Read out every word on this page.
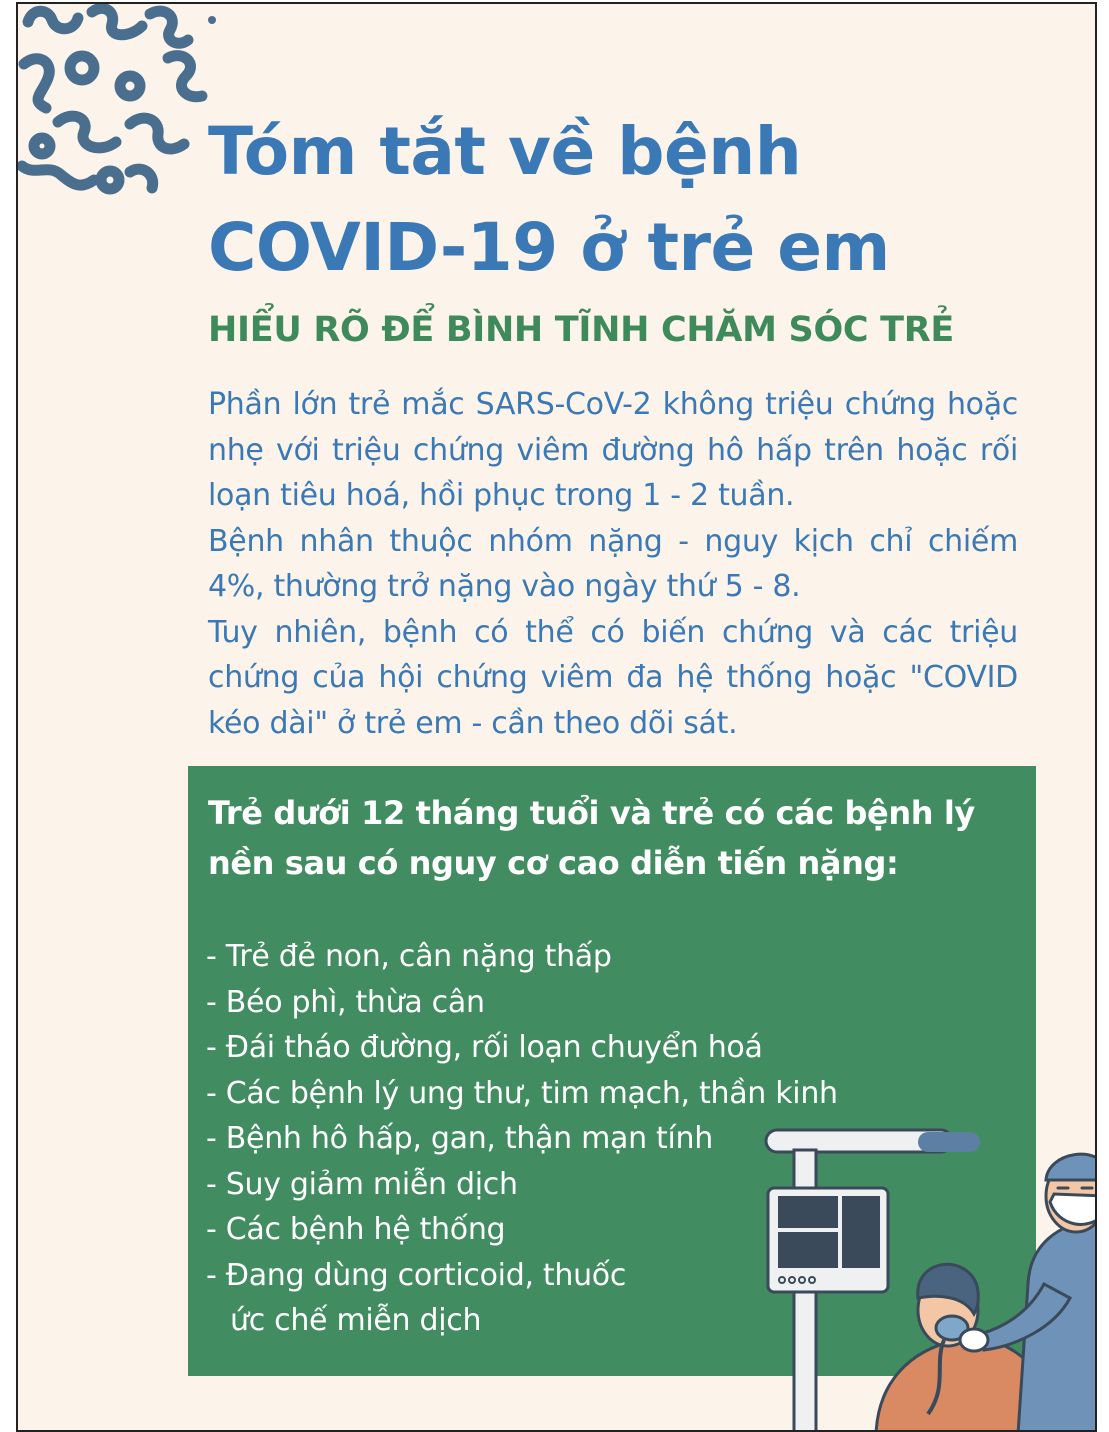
Tóm tắt về bệnh
COVID-19 ở trẻ em
HIỂU RÕ ĐỂ BÌNH TĨNH CHĂM SÓC TRẺ

Phần lớn trẻ mắc SARS-CoV-2 không triệu chứng hoặc nhẹ với triệu chứng viêm đường hô hấp trên hoặc rối loạn tiêu hoá, hồi phục trong 1 - 2 tuần.

Bệnh nhân thuộc nhóm nặng - nguy kịch chỉ chiếm 4%, thường trở nặng vào ngày thứ 5 - 8.

Tuy nhiên, bệnh có thể có biến chứng và các triệu chứng của hội chứng viêm đa hệ thống hoặc "COVID kéo dài" ở trẻ em - cần theo dõi sát.

Trẻ dưới 12 tháng tuổi và trẻ có các bệnh lý nền sau có nguy cơ cao diễn tiến nặng:

- Trẻ đẻ non, cân nặng thấp
- Béo phì, thừa cân
- Đái tháo đường, rối loạn chuyển hoá
- Các bệnh lý ung thư, tim mạch, thần kinh
- Bệnh hô hấp, gan, thận mạn tính
- Suy giảm miễn dịch
- Các bệnh hệ thống
- Đang dùng corticoid, thuốc
ức chế miễn dịch
